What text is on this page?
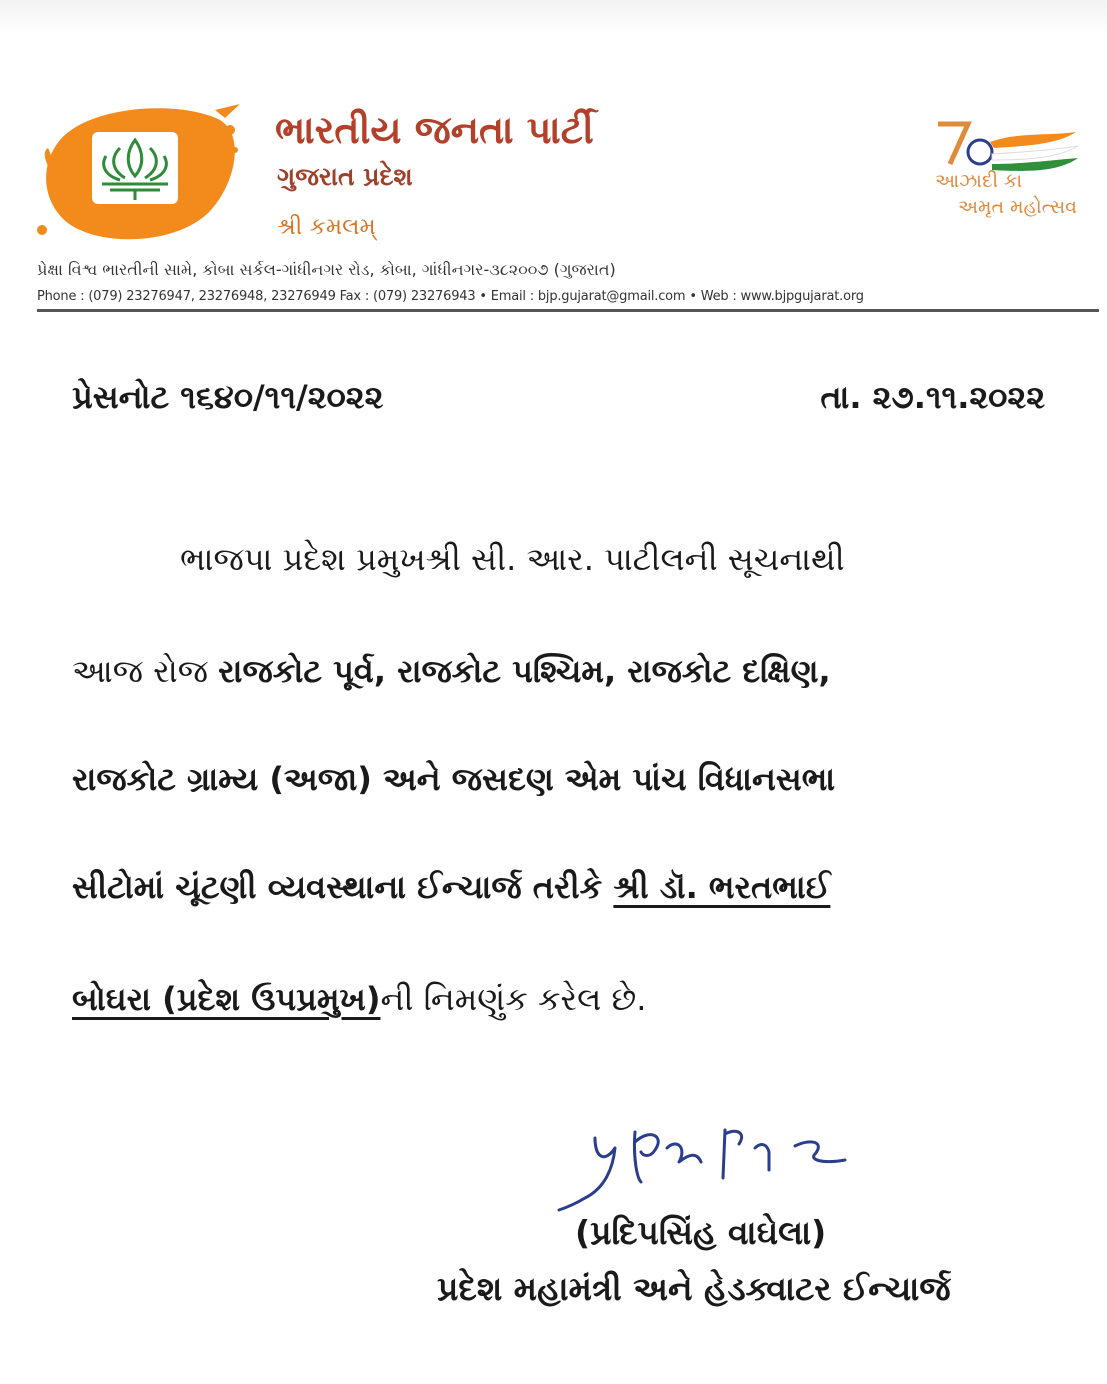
ભારતીય જનતા પાર્ટી
ગુજરાત પ્રદેશ
શ્રી કમલમ્
આઝાદી કા
અમૃત મહોત્સવ
પ્રેક્ષા વિશ્વ ભારતીની સામે, કોબા સર્કલ-ગાંધીનગર રોડ, કોબા, ગાંધીનગર-૩૮૨૦૦૭ (ગુજરાત)
Phone : (079) 23276947, 23276948, 23276949 Fax : (079) 23276943 • Email : bjp.gujarat@gmail.com • Web : www.bjpgujarat.org
પ્રેસનોટ ૧૬૪૦/૧૧/૨૦૨૨	તા. ૨૭.૧૧.૨૦૨૨
ભાજપા પ્રદેશ પ્રમુખશ્રી સી. આર. પાટીલની સૂચનાથી
આજ રોજ રાજકોટ પૂર્વ, રાજકોટ પશ્ચિમ, રાજકોટ દક્ષિણ,
રાજકોટ ગ્રામ્ય (અજા) અને જસદણ એમ પાંચ વિધાનસભા
સીટોમાં ચૂંટણી વ્યવસ્થાના ઈન્ચાર્જ તરીકે શ્રી ડૉ. ભરતભાઈ
બોઘરા (પ્રદેશ ઉપપ્રમુખ)ની નિમણુંક કરેલ છે.
(પ્રદિપસિંહ વાઘેલા)
પ્રદેશ મહામંત્રી અને હેડક્વાટર ઈન્ચાર્જ
